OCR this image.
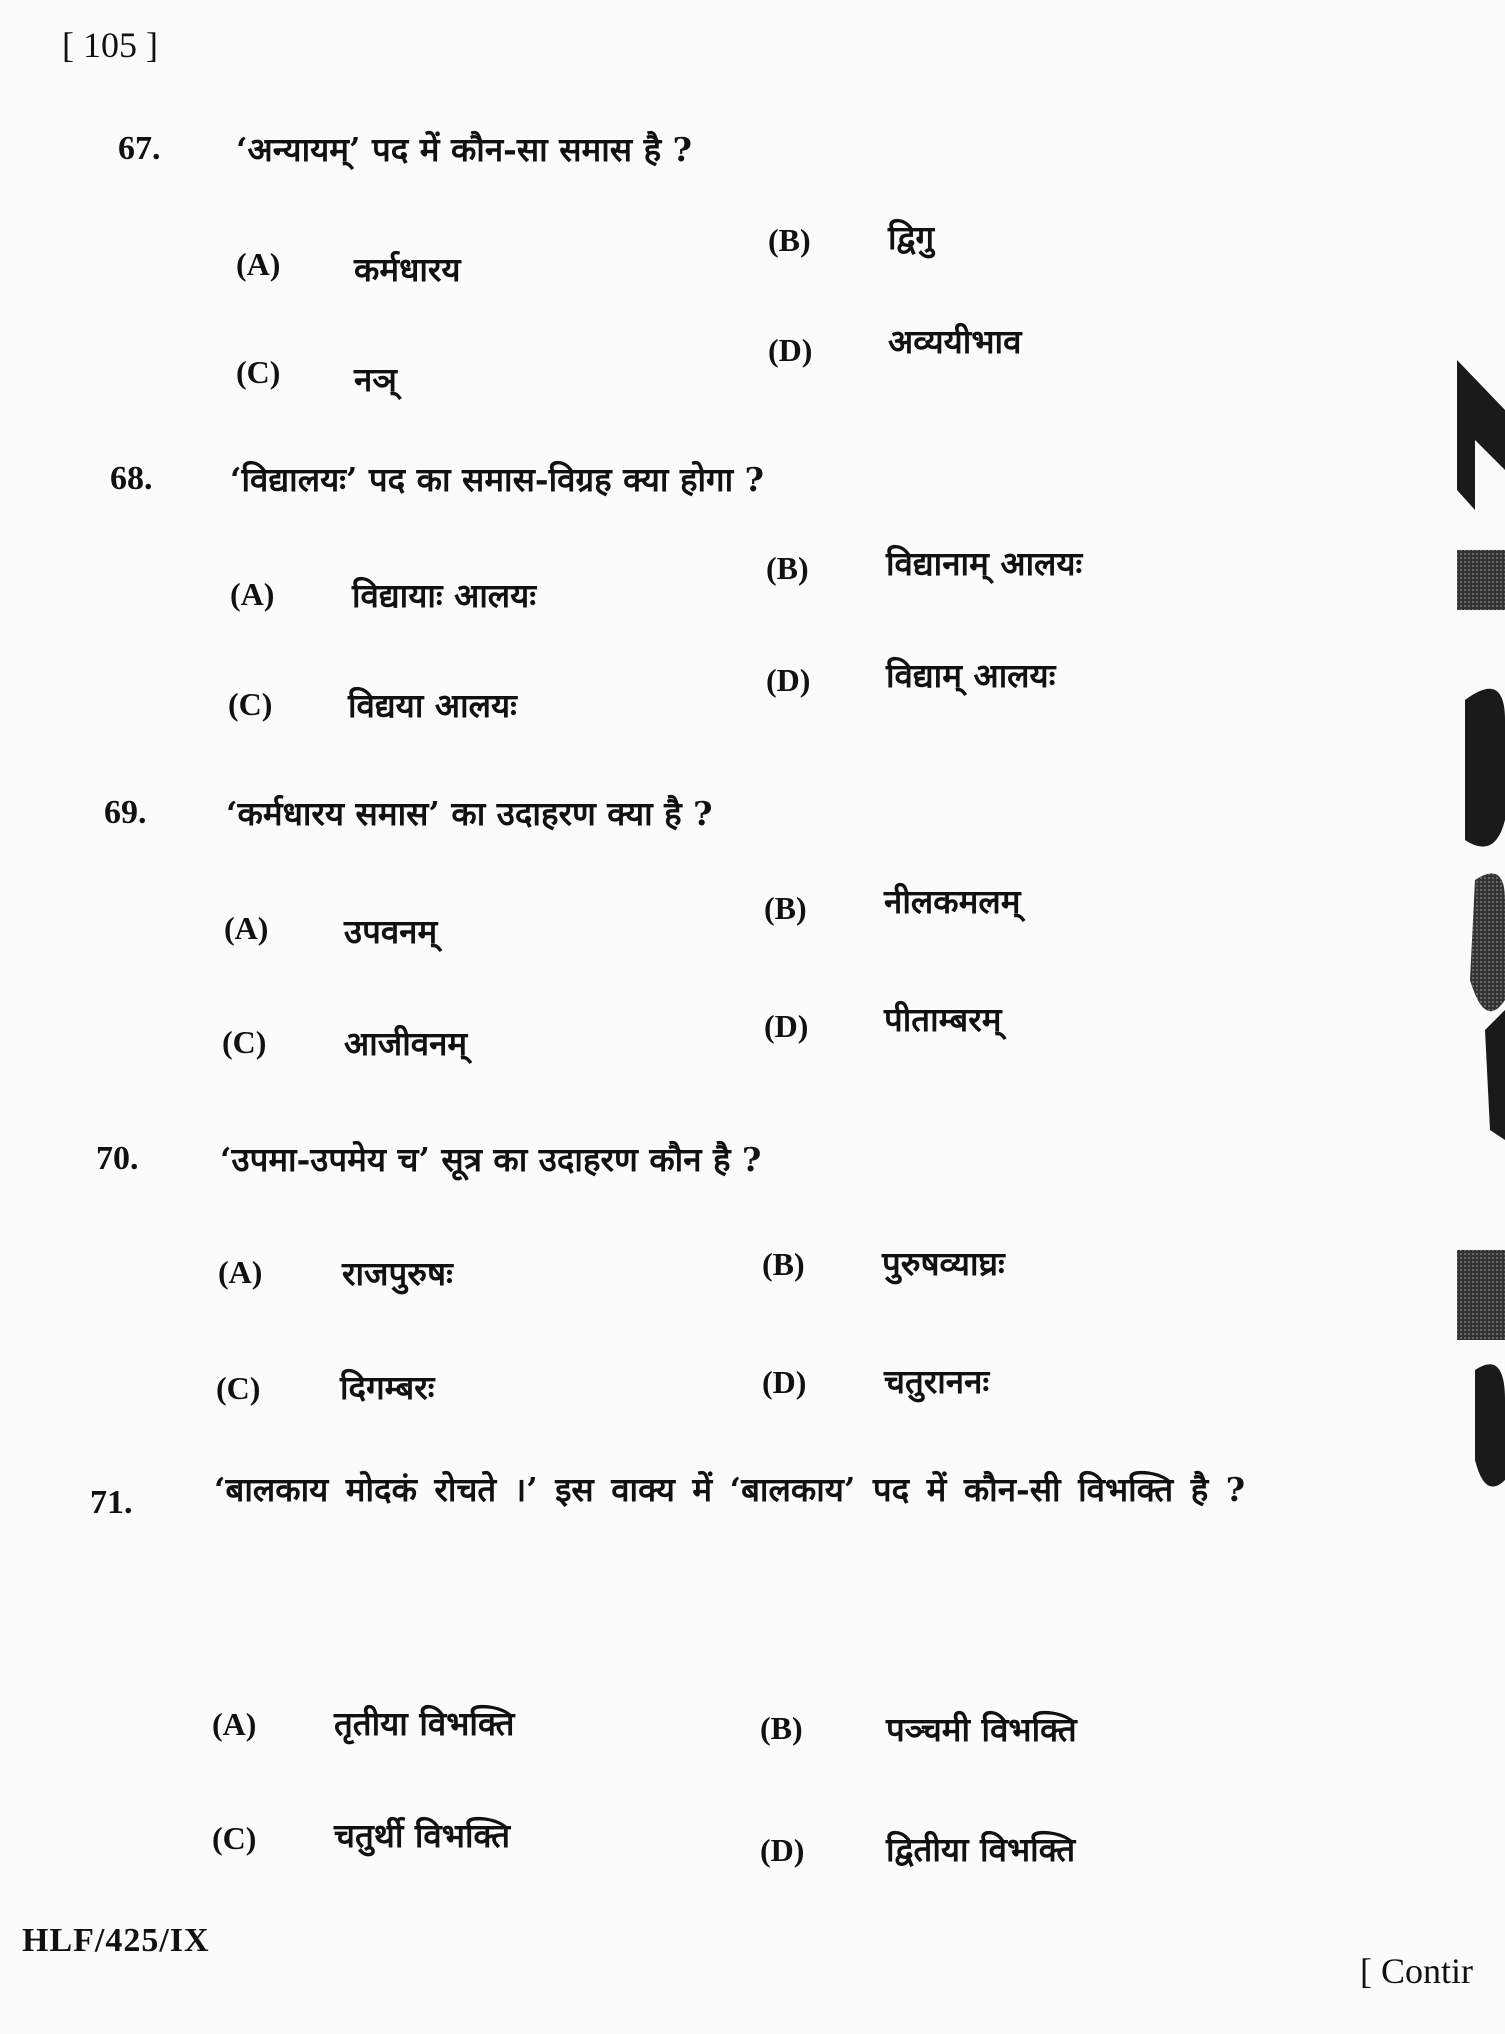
[ 105 ]
67. ‘अन्यायम्’ पद में कौन-सा समास है ?
(A) कर्मधारय
(B) द्विगु
(C) नञ्
(D) अव्ययीभाव
68. ‘विद्यालयः’ पद का समास-विग्रह क्या होगा ?
(A) विद्यायाः आलयः
(B) विद्यानाम् आलयः
(C) विद्यया आलयः
(D) विद्याम् आलयः
69. ‘कर्मधारय समास’ का उदाहरण क्या है ?
(A) उपवनम्
(B) नीलकमलम्
(C) आजीवनम्	(D) पीताम्बरम्
70. ‘उपमा-उपमेय च’ सूत्र का उदाहरण कौन है ?
(A) राजपुरुषः	(B) पुरुषव्याघ्रः
(C) दिगम्बरः	(D) चतुराननः
71. ‘बालकाय मोदकं रोचते ।’ इस वाक्य में ‘बालकाय’ पद में कौन-सी विभक्ति है ?
(A) तृतीया विभक्ति	(B)	पञ्चमी विभक्ति
(C) चतुर्थी विभक्ति	(D) द्वितीया विभक्ति
HLF/425/IX
[ Contir
